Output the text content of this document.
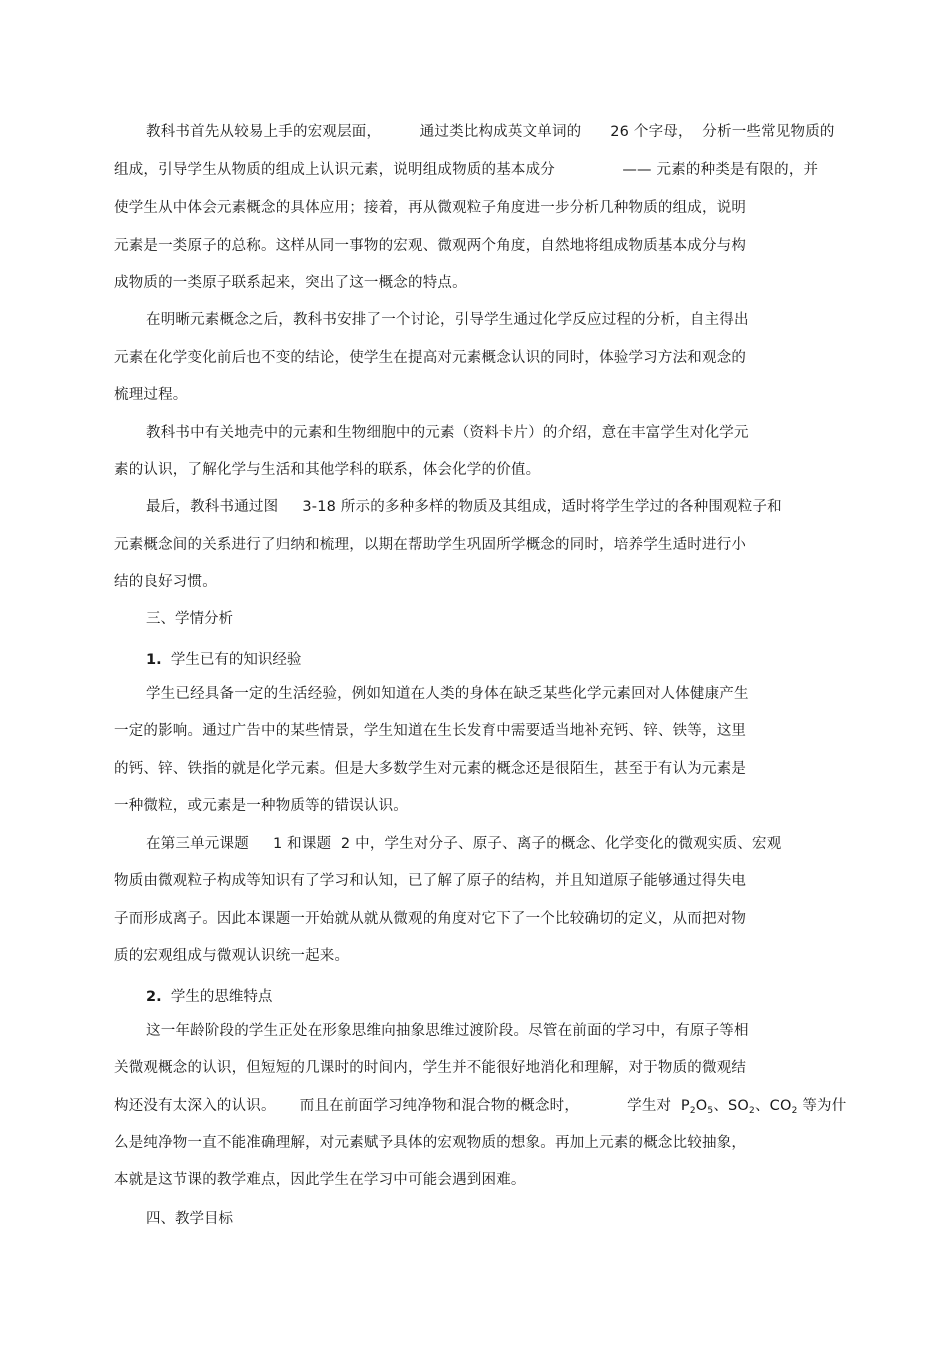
教科书首先从较易上手的宏观层面，        通过类比构成英文单词的      26 个字母，  分析一些常见物质的
组成，引导学生从物质的组成上认识元素，说明组成物质的基本成分              —— 元素的种类是有限的，并
使学生从中体会元素概念的具体应用；接着，再从微观粒子角度进一步分析几种物质的组成，说明
元素是一类原子的总称。这样从同一事物的宏观、微观两个角度，自然地将组成物质基本成分与构
成物质的一类原子联系起来，突出了这一概念的特点。
在明晰元素概念之后，教科书安排了一个讨论，引导学生通过化学反应过程的分析，自主得出
元素在化学变化前后也不变的结论，使学生在提高对元素概念认识的同时，体验学习方法和观念的
梳理过程。
教科书中有关地壳中的元素和生物细胞中的元素（资料卡片）的介绍，意在丰富学生对化学元
素的认识，了解化学与生活和其他学科的联系，体会化学的价值。
最后，教科书通过图     3-18 所示的多种多样的物质及其组成，适时将学生学过的各种围观粒子和
元素概念间的关系进行了归纳和梳理，以期在帮助学生巩固所学概念的同时，培养学生适时进行小
结的良好习惯。
三、学情分析
1. 学生已有的知识经验
学生已经具备一定的生活经验，例如知道在人类的身体在缺乏某些化学元素回对人体健康产生
一定的影响。通过广告中的某些情景，学生知道在生长发育中需要适当地补充钙、锌、铁等，这里
的钙、锌、铁指的就是化学元素。但是大多数学生对元素的概念还是很陌生，甚至于有认为元素是
一种微粒，或元素是一种物质等的错误认识。
在第三单元课题     1 和课题  2 中，学生对分子、原子、离子的概念、化学变化的微观实质、宏观
物质由微观粒子构成等知识有了学习和认知，已了解了原子的结构，并且知道原子能够通过得失电
子而形成离子。因此本课题一开始就从就从微观的角度对它下了一个比较确切的定义，从而把对物
质的宏观组成与微观认识统一起来。
2. 学生的思维特点
这一年龄阶段的学生正处在形象思维向抽象思维过渡阶段。尽管在前面的学习中，有原子等相
关微观概念的认识，但短短的几课时的时间内，学生并不能很好地消化和理解，对于物质的微观结
构还没有太深入的认识。     而且在前面学习纯净物和混合物的概念时，          学生对  $P_2O_5$、$SO_2$、$CO_2$ 等为什
么是纯净物一直不能准确理解，对元素赋予具体的宏观物质的想象。再加上元素的概念比较抽象，
本就是这节课的教学难点，因此学生在学习中可能会遇到困难。
四、教学目标
